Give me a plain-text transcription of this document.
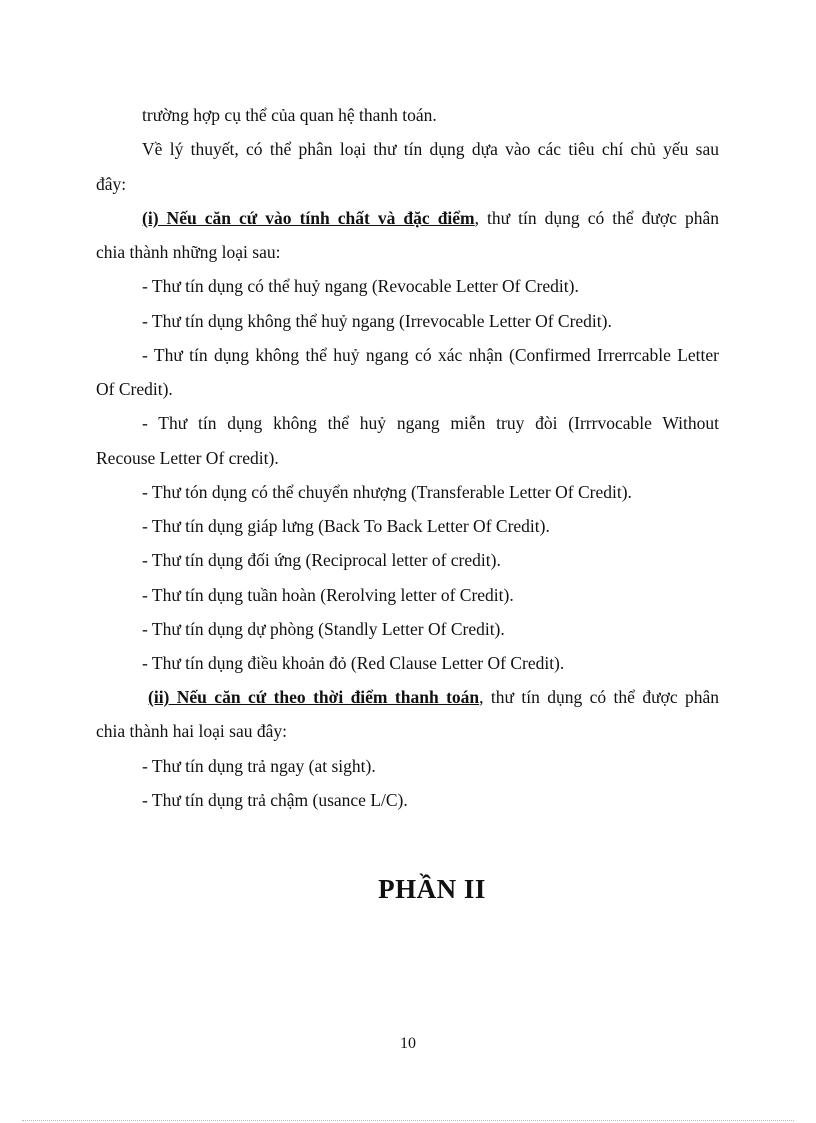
trường hợp cụ thể của quan hệ thanh toán.
Về lý thuyết, có thể phân loại thư tín dụng dựa vào các tiêu chí chủ yếu sau
đây:
(i) Nếu căn cứ vào tính chất và đặc điểm, thư tín dụng có thể được phân
chia thành những loại sau:
- Thư tín dụng có thể huỷ ngang (Revocable Letter Of Credit).
- Thư tín dụng không thể huỷ ngang (Irrevocable Letter Of Credit).
- Thư tín dụng không thể huỷ ngang có xác nhận (Confirmed Irrerrcable Letter
Of Credit).
- Thư tín dụng không thể huỷ ngang miễn truy đòi (Irrrvocable Without
Recouse Letter Of credit).
- Thư tón dụng có thể chuyển nhượng (Transferable Letter Of Credit).
- Thư tín dụng giáp lưng (Back To Back Letter Of Credit).
- Thư tín dụng đối ứng (Reciprocal letter of credit).
- Thư tín dụng tuần hoàn (Rerolving letter of Credit).
- Thư tín dụng dự phòng (Standly Letter Of Credit).
- Thư tín dụng điều khoản đỏ (Red Clause Letter Of Credit).
(ii) Nếu căn cứ theo thời điểm thanh toán, thư tín dụng có thể được phân
chia thành hai loại sau đây:
- Thư tín dụng trả ngay (at sight).
- Thư tín dụng trả chậm (usance L/C).
PHẦN II
10
